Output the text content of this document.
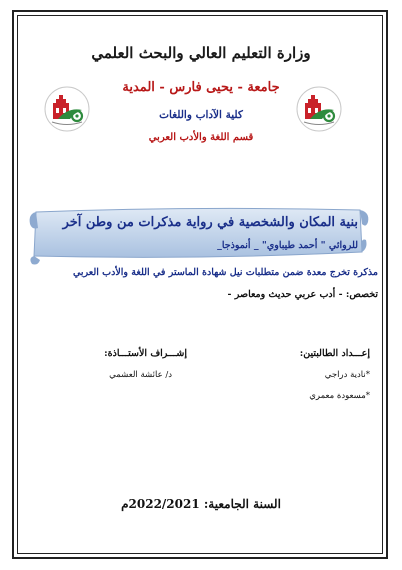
وزارة التعليم العالي والبحث العلمي
جامعة - يحيى فارس - المدية
كلية الآداب واللغات
قسم اللغة والأدب العربي
بنية المكان والشخصية في رواية مذكرات من وطن آخر
للروائي " أحمد طيباوي" _ أنموذجا_
مذكرة تخرج معدة ضمن متطلبات نيل شهادة الماستر في اللغة والأدب العربي
تخصص: - أدب عربي حديث ومعاصر -
إعـــداد الطالبتين:
*نادية دراجي
*مسعودة معمري
إشـــراف الأستـــاذة:
د/ عائشة العشمي
السنة الجامعية: 2022/2021م
